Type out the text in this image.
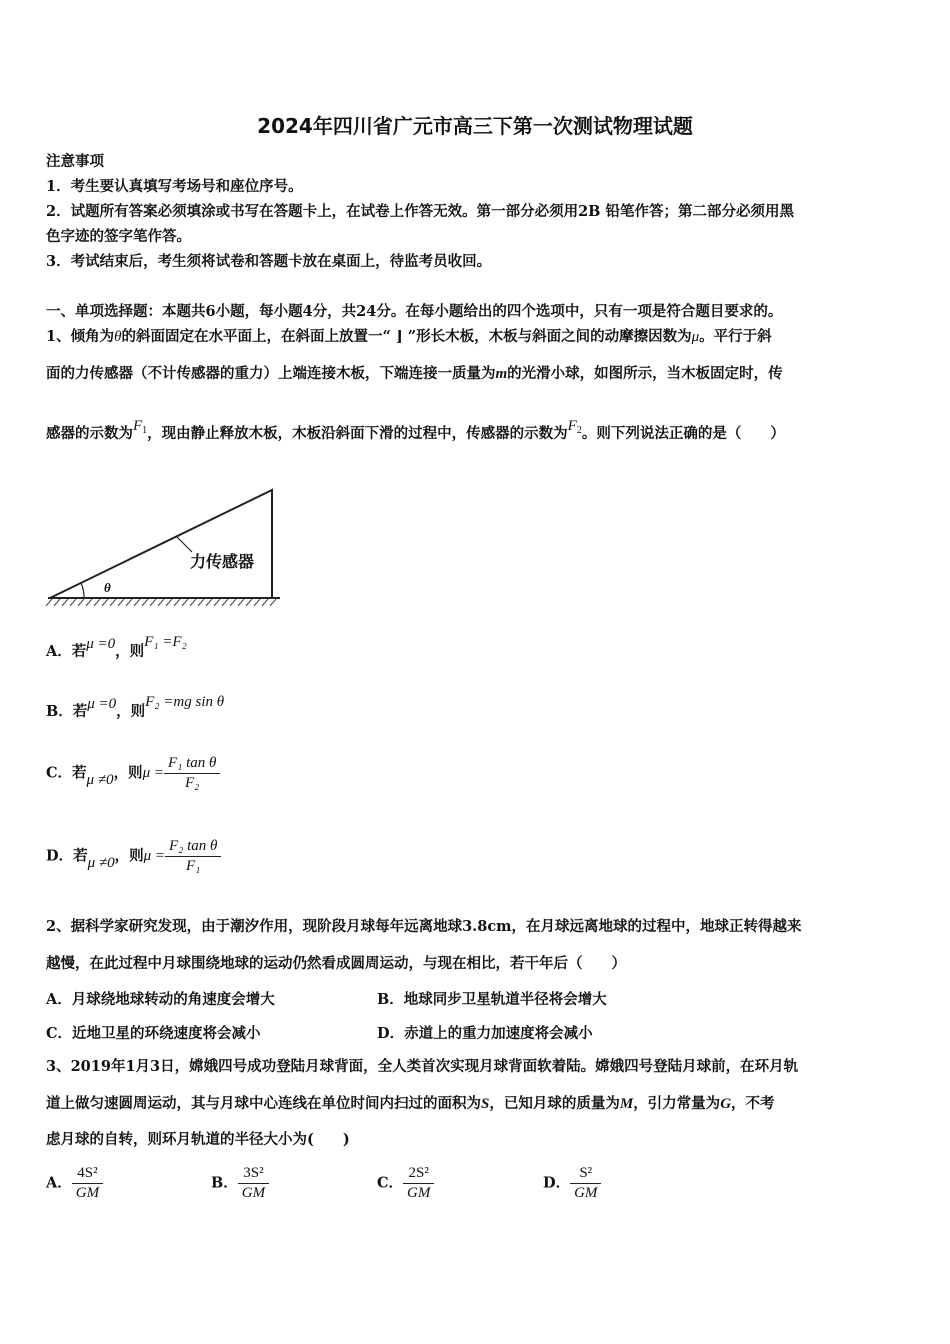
2024年四川省广元市高三下第一次测试物理试题
注意事项
1．考生要认真填写考场号和座位序号。
2．试题所有答案必须填涂或书写在答题卡上，在试卷上作答无效。第一部分必须用2B 铅笔作答；第二部分必须用黑
色字迹的签字笔作答。
3．考试结束后，考生须将试卷和答题卡放在桌面上，待监考员收回。
一、单项选择题：本题共6小题，每小题4分，共24分。在每小题给出的四个选项中，只有一项是符合题目要求的。
1、倾角为θ的斜面固定在水平面上，在斜面上放置一“ ⌋ ”形长木板，木板与斜面之间的动摩擦因数为μ。平行于斜
面的力传感器（不计传感器的重力）上端连接木板，下端连接一质量为m的光滑小球，如图所示，当木板固定时，传
感器的示数为$F_1$，现由静止释放木板，木板沿斜面下滑的过程中，传感器的示数为$F_2$。则下列说法正确的是（　　）
力传感器
θ
A．若μ =0，则F₁ =F₂
B．若μ =0，则F₂ =mg sin θ
C．若μ ≠0，则$\mu = \frac{\text{F₁ tan θ}}{\text{F₂}}$
D．若μ ≠0，则$\mu = \frac{\text{F₂ tan θ}}{\text{F₁}}$
2、据科学家研究发现，由于潮汐作用，现阶段月球每年远离地球3.8cm，在月球远离地球的过程中，地球正转得越来
越慢，在此过程中月球围绕地球的运动仍然看成圆周运动，与现在相比，若干年后（　　）
A．月球绕地球转动的角速度会增大	B．地球同步卫星轨道半径将会增大
C．近地卫星的环绕速度将会减小	D．赤道上的重力加速度将会减小
3、2019年1月3日，嫦娥四号成功登陆月球背面，全人类首次实现月球背面软着陆。嫦娥四号登陆月球前，在环月轨
道上做匀速圆周运动，其与月球中心连线在单位时间内扫过的面积为S，已知月球的质量为M，引力常量为G，不考
虑月球的自转，则环月轨道的半径大小为(　　)
A． $\frac{\text{4S²}}{GM}$	B． $\frac{\text{3S²}}{GM}$	C． $\frac{\text{2S²}}{GM}$	D． $\frac{\text{S²}}{GM}$
